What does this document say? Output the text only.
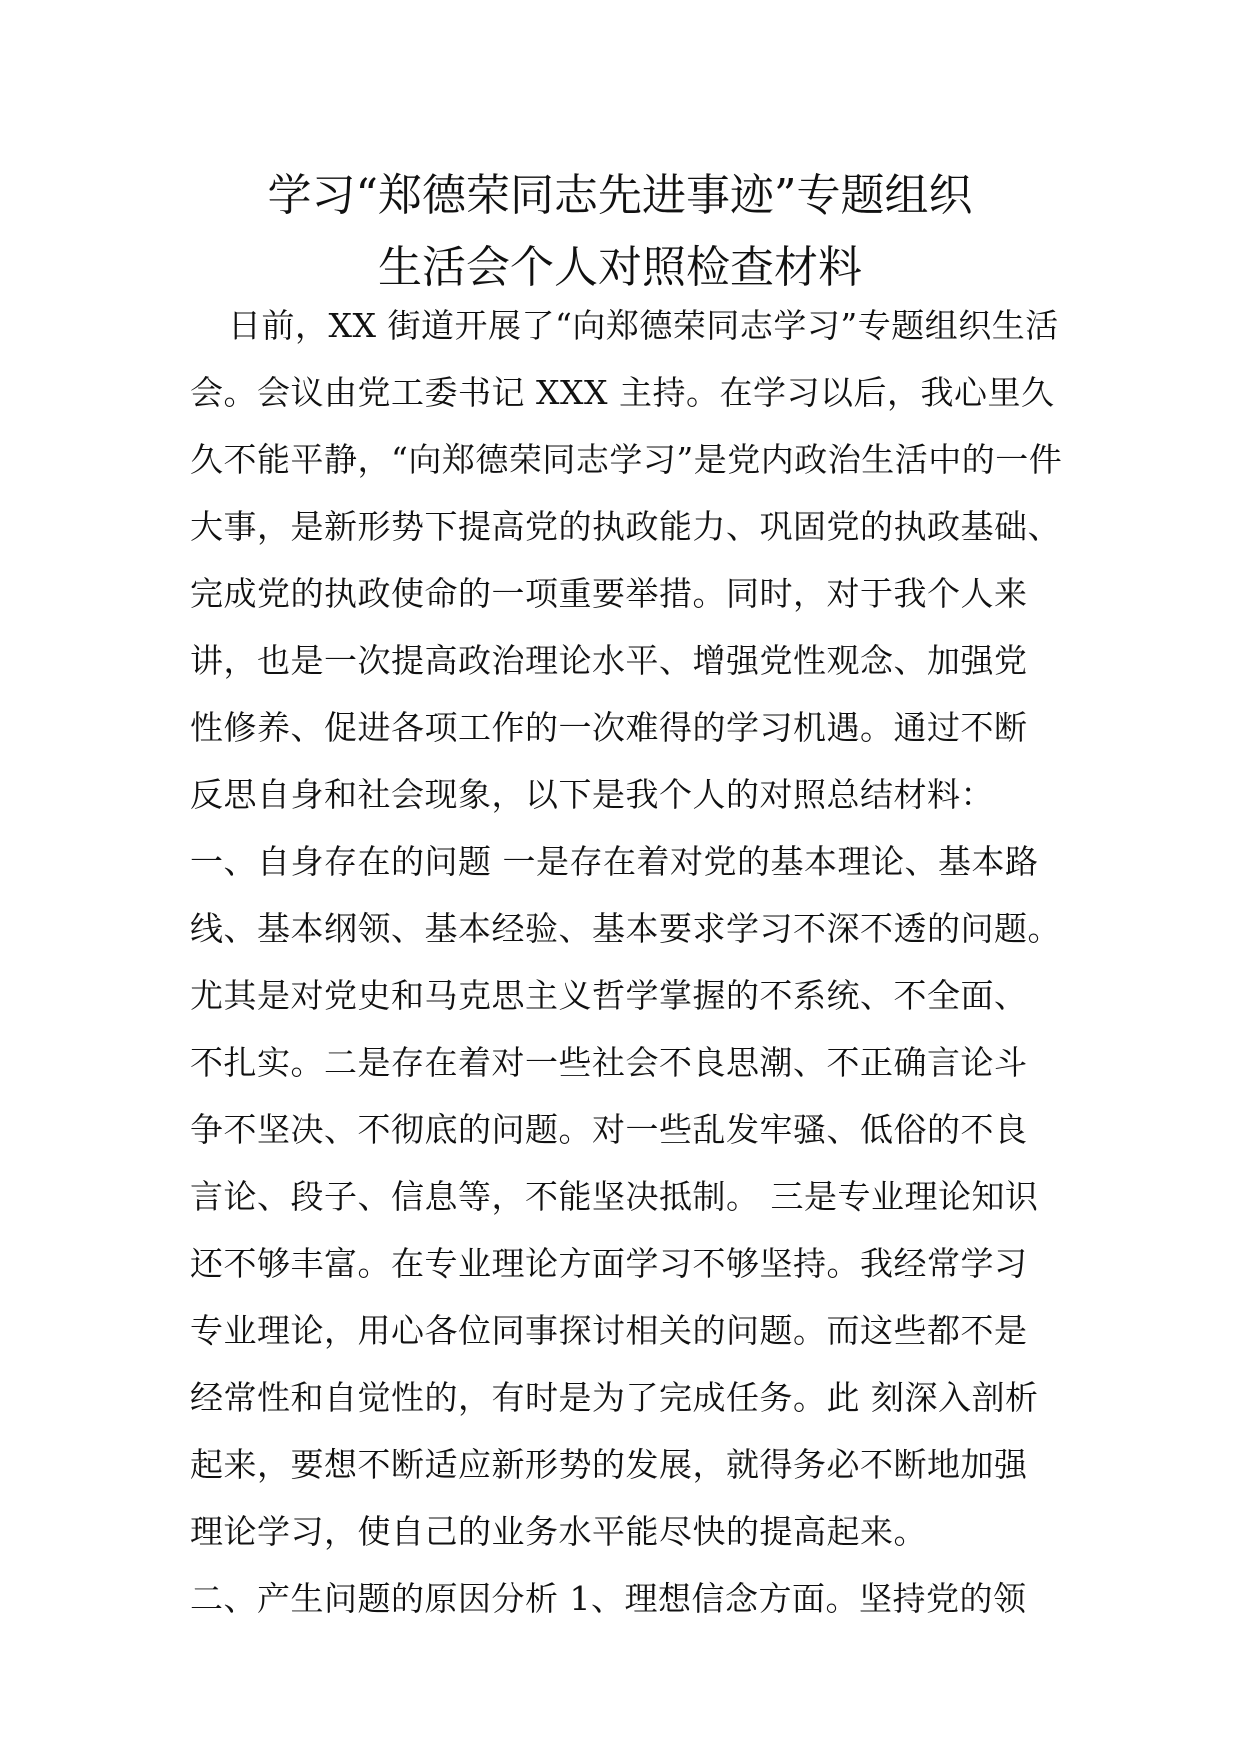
学习“郑德荣同志先进事迹”专题组织
生活会个人对照检查材料
日前，XX 街道开展了“向郑德荣同志学习”专题组织生活
会。会议由党工委书记 XXX 主持。在学习以后，我心里久
久不能平静，“向郑德荣同志学习”是党内政治生活中的一件
大事，是新形势下提高党的执政能力、巩固党的执政基础、
完成党的执政使命的一项重要举措。同时，对于我个人来
讲，也是一次提高政治理论水平、增强党性观念、加强党
性修养、促进各项工作的一次难得的学习机遇。通过不断
反思自身和社会现象，以下是我个人的对照总结材料：
一、自身存在的问题 一是存在着对党的基本理论、基本路
线、基本纲领、基本经验、基本要求学习不深不透的问题。
尤其是对党史和马克思主义哲学掌握的不系统、不全面、
不扎实。二是存在着对一些社会不良思潮、不正确言论斗
争不坚决、不彻底的问题。对一些乱发牢骚、低俗的不良
言论、段子、信息等，不能坚决抵制。 三是专业理论知识
还不够丰富。在专业理论方面学习不够坚持。我经常学习
专业理论，用心各位同事探讨相关的问题。而这些都不是
经常性和自觉性的，有时是为了完成任务。此 刻深入剖析
起来，要想不断适应新形势的发展，就得务必不断地加强
理论学习，使自己的业务水平能尽快的提高起来。
二、产生问题的原因分析 1、理想信念方面。坚持党的领
